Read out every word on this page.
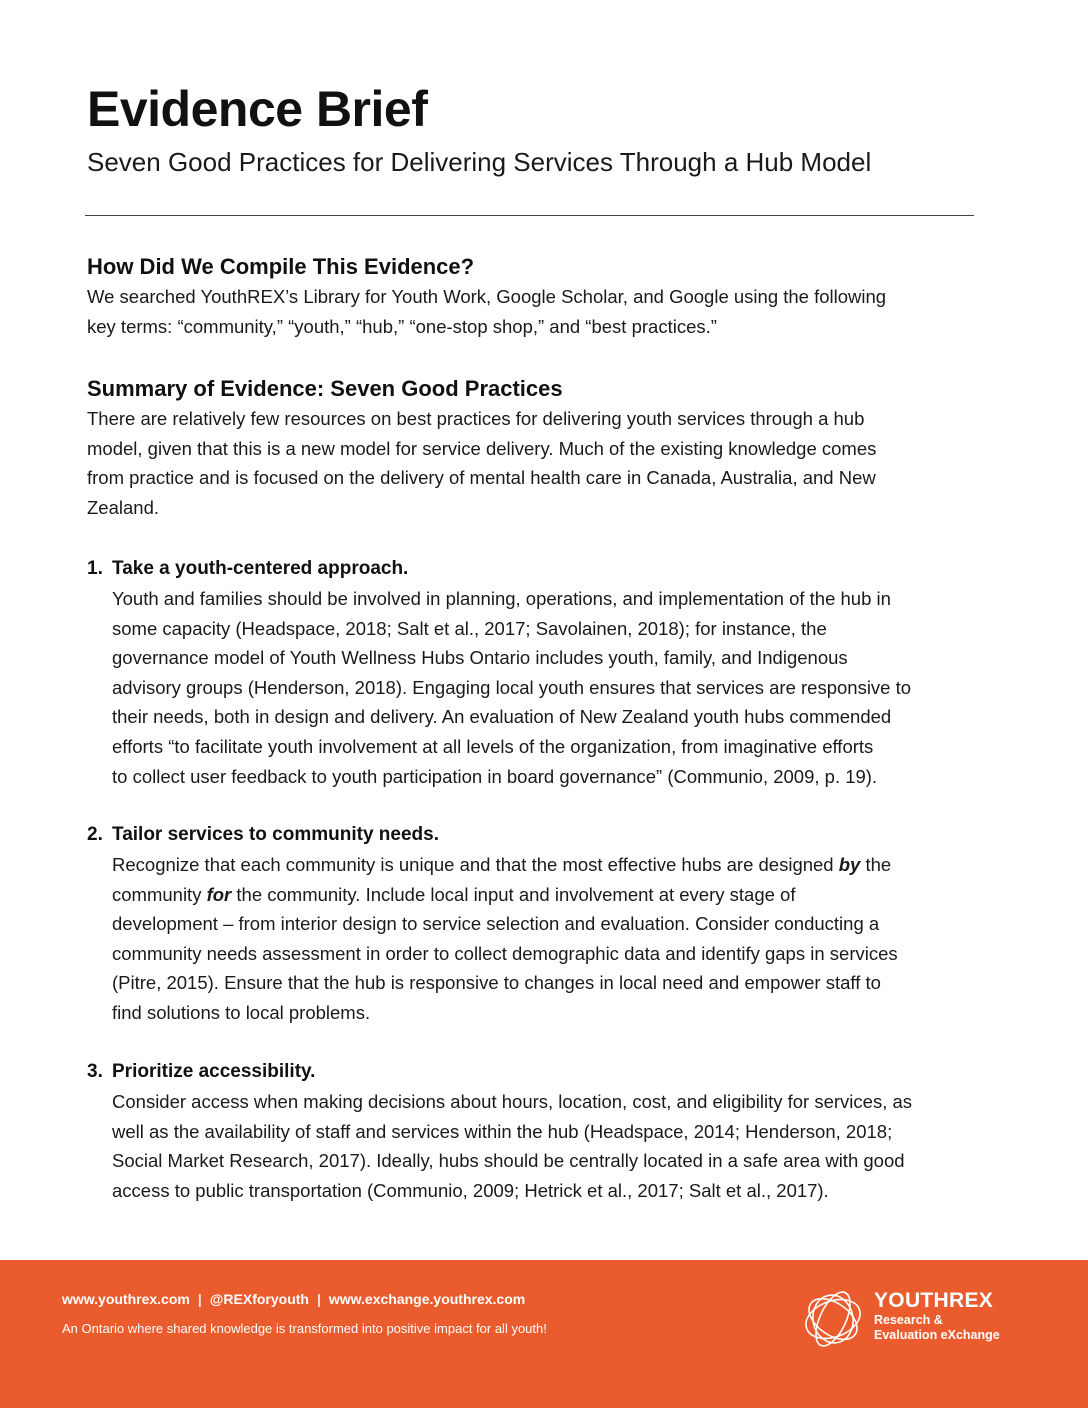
Evidence Brief
Seven Good Practices for Delivering Services Through a Hub Model
How Did We Compile This Evidence?

We searched YouthREX’s Library for Youth Work, Google Scholar, and Google using the following
key terms: “community,” “youth,” “hub,” “one-stop shop,” and “best practices.”

Summary of Evidence: Seven Good Practices

There are relatively few resources on best practices for delivering youth services through a hub
model, given that this is a new model for service delivery. Much of the existing knowledge comes
from practice and is focused on the delivery of mental health care in Canada, Australia, and New
Zealand.

1. Take a youth-centered approach.
Youth and families should be involved in planning, operations, and implementation of the hub in
some capacity (Headspace, 2018; Salt et al., 2017; Savolainen, 2018); for instance, the
governance model of Youth Wellness Hubs Ontario includes youth, family, and Indigenous
advisory groups (Henderson, 2018). Engaging local youth ensures that services are responsive to
their needs, both in design and delivery. An evaluation of New Zealand youth hubs commended
efforts “to facilitate youth involvement at all levels of the organization, from imaginative efforts
to collect user feedback to youth participation in board governance” (Communio, 2009, p. 19).
2. Tailor services to community needs.
Recognize that each community is unique and that the most effective hubs are designed by the
community for the community. Include local input and involvement at every stage of
development – from interior design to service selection and evaluation. Consider conducting a
community needs assessment in order to collect demographic data and identify gaps in services
(Pitre, 2015). Ensure that the hub is responsive to changes in local need and empower staff to
find solutions to local problems.
3. Prioritize accessibility.
Consider access when making decisions about hours, location, cost, and eligibility for services, as
well as the availability of staff and services within the hub (Headspace, 2014; Henderson, 2018;
Social Market Research, 2017). Ideally, hubs should be centrally located in a safe area with good
access to public transportation (Communio, 2009; Hetrick et al., 2017; Salt et al., 2017).
www.youthrex.com | @REXforyouth | www.exchange.youthrex.com
An Ontario where shared knowledge is transformed into positive impact for all youth!
YOUTHREX
Research &
Evaluation eXchange
